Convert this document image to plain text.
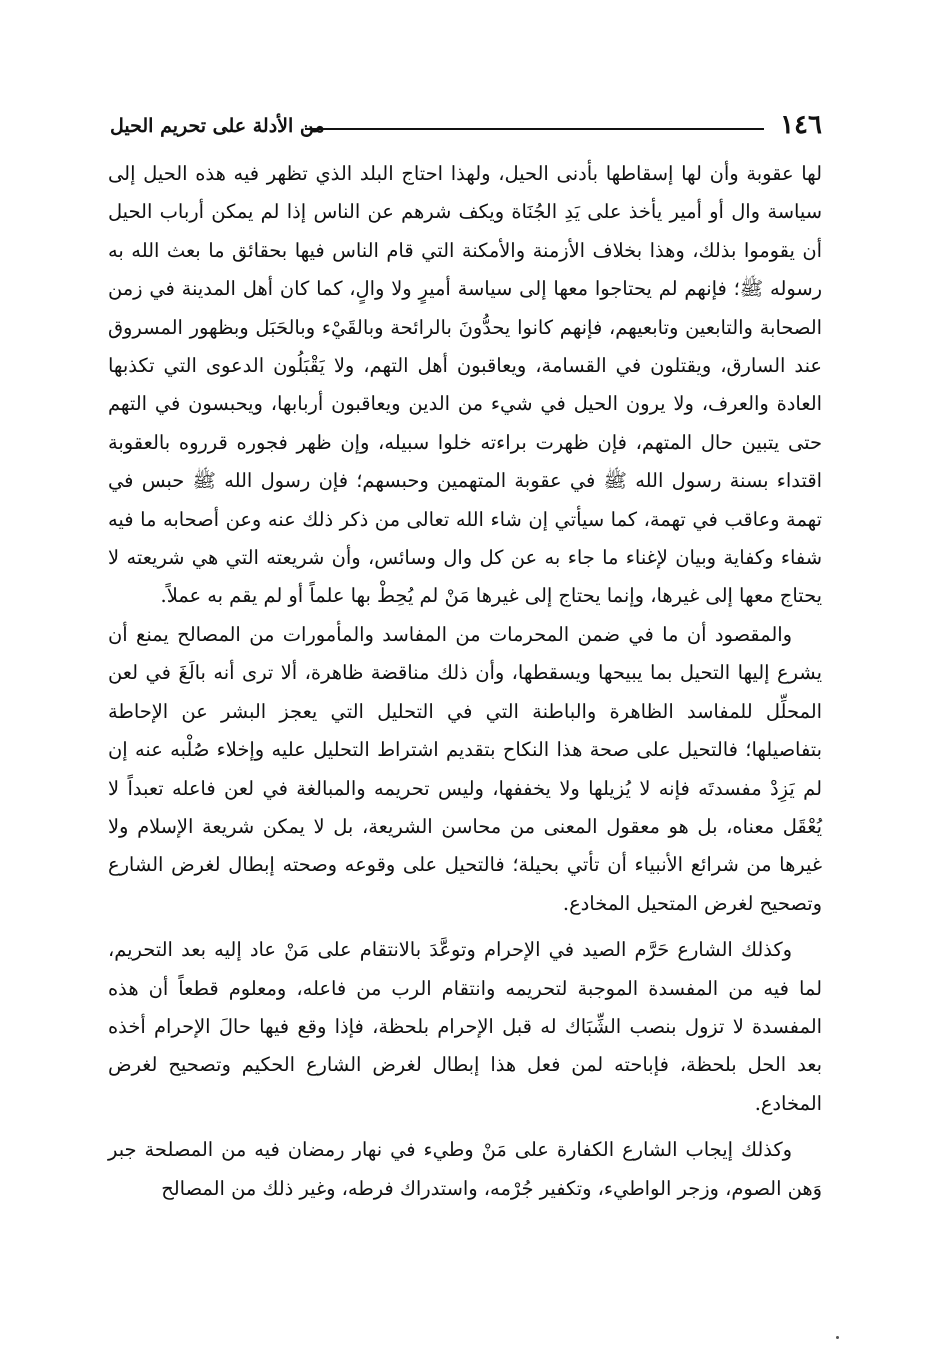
١٤٦
من الأدلة على تحريم الحيل

لها عقوبة وأن لها إسقاطها بأدنى الحيل، ولهذا احتاج البلد الذي تظهر فيه هذه الحيل إلى سياسة وال أو أمير يأخذ على يَدِ الجُنَاة ويكف شرهم عن الناس إذا لم يمكن أرباب الحيل أن يقوموا بذلك، وهذا بخلاف الأزمنة والأمكنة التي قام الناس فيها بحقائق ما بعث الله به رسوله ﷺ؛ فإنهم لم يحتاجوا معها إلى سياسة أميرٍ ولا والٍ، كما كان أهل المدينة في زمن الصحابة والتابعين وتابعيهم، فإنهم كانوا يحدُّونَ بالرائحة وبالقَيْء وبالحَبَل وبظهور المسروق عند السارق، ويقتلون في القسامة، ويعاقبون أهل التهم، ولا يَقْبَلُون الدعوى التي تكذبها العادة والعرف، ولا يرون الحيل في شيء من الدين ويعاقبون أربابها، ويحبسون في التهم حتى يتبين حال المتهم، فإن ظهرت براءته خلوا سبيله، وإن ظهر فجوره قرروه بالعقوبة اقتداء بسنة رسول الله ﷺ في عقوبة المتهمين وحبسهم؛ فإن رسول الله ﷺ حبس في تهمة وعاقب في تهمة، كما سيأتي إن شاء الله تعالى من ذكر ذلك عنه وعن أصحابه ما فيه شفاء وكفاية وبيان لإغناء ما جاء به عن كل وال وسائس، وأن شريعته التي هي شريعته لا يحتاج معها إلى غيرها، وإنما يحتاج إلى غيرها مَنْ لم يُحِطْ بها علماً أو لم يقم به عملاً.

والمقصود أن ما في ضمن المحرمات من المفاسد والمأمورات من المصالح يمنع أن يشرع إليها التحيل بما يبيحها ويسقطها، وأن ذلك مناقضة ظاهرة، ألا ترى أنه بالَغَ في لعن المحلِّل للمفاسد الظاهرة والباطنة التي في التحليل التي يعجز البشر عن الإحاطة بتفاصيلها؛ فالتحيل على صحة هذا النكاح بتقديم اشتراط التحليل عليه وإخلاء صُلْبه عنه إن لم يَزِدْ مفسدتَه فإنه لا يُزيلها ولا يخففها، وليس تحريمه والمبالغة في لعن فاعله تعبداً لا يُعْقَل معناه، بل هو معقول المعنى من محاسن الشريعة، بل لا يمكن شريعة الإسلام ولا غيرها من شرائع الأنبياء أن تأتي بحيلة؛ فالتحيل على وقوعه وصحته إبطال لغرض الشارع وتصحيح لغرض المتحيل المخادع.

وكذلك الشارع حَرَّم الصيد في الإحرام وتوعَّدَ بالانتقام على مَنْ عاد إليه بعد التحريم، لما فيه من المفسدة الموجبة لتحريمه وانتقام الرب من فاعله، ومعلوم قطعاً أن هذه المفسدة لا تزول بنصب الشِّبَاك له قبل الإحرام بلحظة، فإذا وقع فيها حالَ الإحرام أخذه بعد الحل بلحظة، فإباحته لمن فعل هذا إبطال لغرض الشارع الحكيم وتصحيح لغرض المخادع.

وكذلك إيجاب الشارع الكفارة على مَنْ وطيء في نهار رمضان فيه من المصلحة جبر وَهن الصوم، وزجر الواطيء، وتكفير جُرْمه، واستدراك فرطه، وغير ذلك من المصالح
